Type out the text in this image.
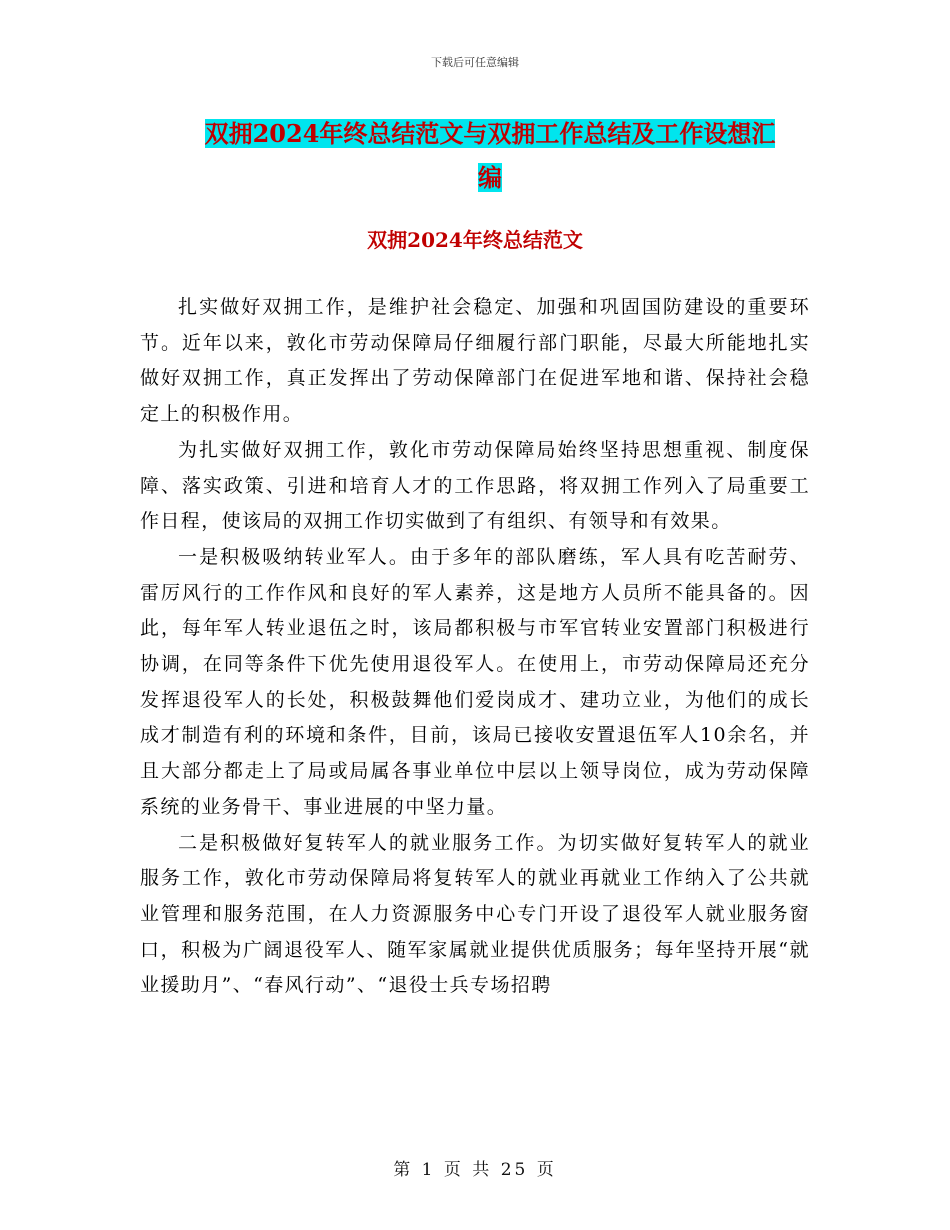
下载后可任意编辑
双拥2024年终总结范文与双拥工作总结及工作设想汇
编
双拥2024年终总结范文

扎实做好双拥工作，是维护社会稳定、加强和巩固国防建设的重要环节。近年以来，敦化市劳动保障局仔细履行部门职能，尽最大所能地扎实做好双拥工作，真正发挥出了劳动保障部门在促进军地和谐、保持社会稳定上的积极作用。

为扎实做好双拥工作，敦化市劳动保障局始终坚持思想重视、制度保障、落实政策、引进和培育人才的工作思路，将双拥工作列入了局重要工作日程，使该局的双拥工作切实做到了有组织、有领导和有效果。

一是积极吸纳转业军人。由于多年的部队磨练，军人具有吃苦耐劳、雷厉风行的工作作风和良好的军人素养，这是地方人员所不能具备的。因此，每年军人转业退伍之时，该局都积极与市军官转业安置部门积极进行协调，在同等条件下优先使用退役军人。在使用上，市劳动保障局还充分发挥退役军人的长处，积极鼓舞他们爱岗成才、建功立业，为他们的成长成才制造有利的环境和条件，目前，该局已接收安置退伍军人10余名，并且大部分都走上了局或局属各事业单位中层以上领导岗位，成为劳动保障系统的业务骨干、事业进展的中坚力量。

二是积极做好复转军人的就业服务工作。为切实做好复转军人的就业服务工作，敦化市劳动保障局将复转军人的就业再就业工作纳入了公共就业管理和服务范围，在人力资源服务中心专门开设了退役军人就业服务窗口，积极为广阔退役军人、随军家属就业提供优质服务；每年坚持开展“就业援助月”、“春风行动”、“退役士兵专场招聘

第 1 页 共 25 页
